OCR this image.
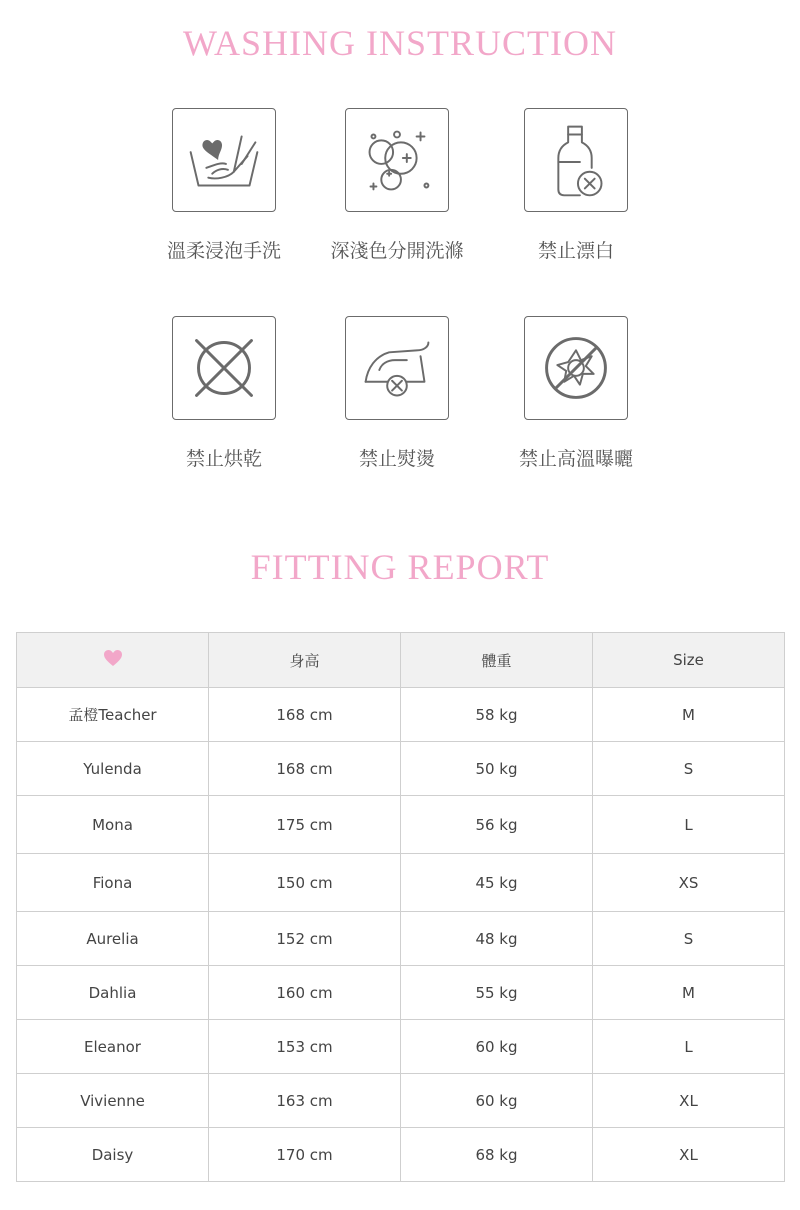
WASHING INSTRUCTION
溫柔浸泡手洗	深淺色分開洗滌	禁止漂白
禁止烘乾	禁止熨燙	禁止高溫曝曬
FITTING REPORT
	身高	體重	Size
孟橙Teacher	168 cm	58 kg	M
Yulenda	168 cm	50 kg	S
Mona	175 cm	56 kg	L
Fiona	150 cm	45 kg	XS
Aurelia	152 cm	48 kg	S
Dahlia	160 cm	55 kg	M
Eleanor	153 cm	60 kg	L
Vivienne	163 cm	60 kg	XL
Daisy	170 cm	68 kg	XL
